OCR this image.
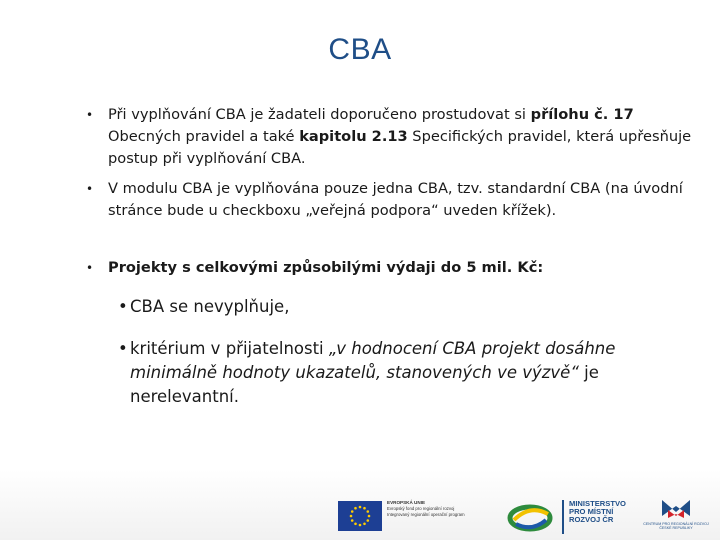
CBA
• Při vyplňování CBA je žadateli doporučeno prostudovat si přílohu č. 17 Obecných pravidel a také kapitolu 2.13 Specifických pravidel, která upřesňuje postup při vyplňování CBA.
• V modulu CBA je vyplňována pouze jedna CBA, tzv. standardní CBA (na úvodní stránce bude u checkboxu „veřejná podpora“ uveden křížek).
• Projekty s celkovými způsobilými výdaji do 5 mil. Kč:
• CBA se nevyplňuje,
• kritérium v přijatelnosti „v hodnocení CBA projekt dosáhne minimálně hodnoty ukazatelů, stanovených ve výzvě“ je nerelevantní.
EVROPSKÁ UNIE
Evropský fond pro regionální rozvoj
Integrovaný regionální operační program
MINISTERSTVO
PRO MÍSTNÍ
ROZVOJ ČR	CENTRUM PRO REGIONÁLNÍ ROZVOJ ČESKÉ REPUBLIKY
